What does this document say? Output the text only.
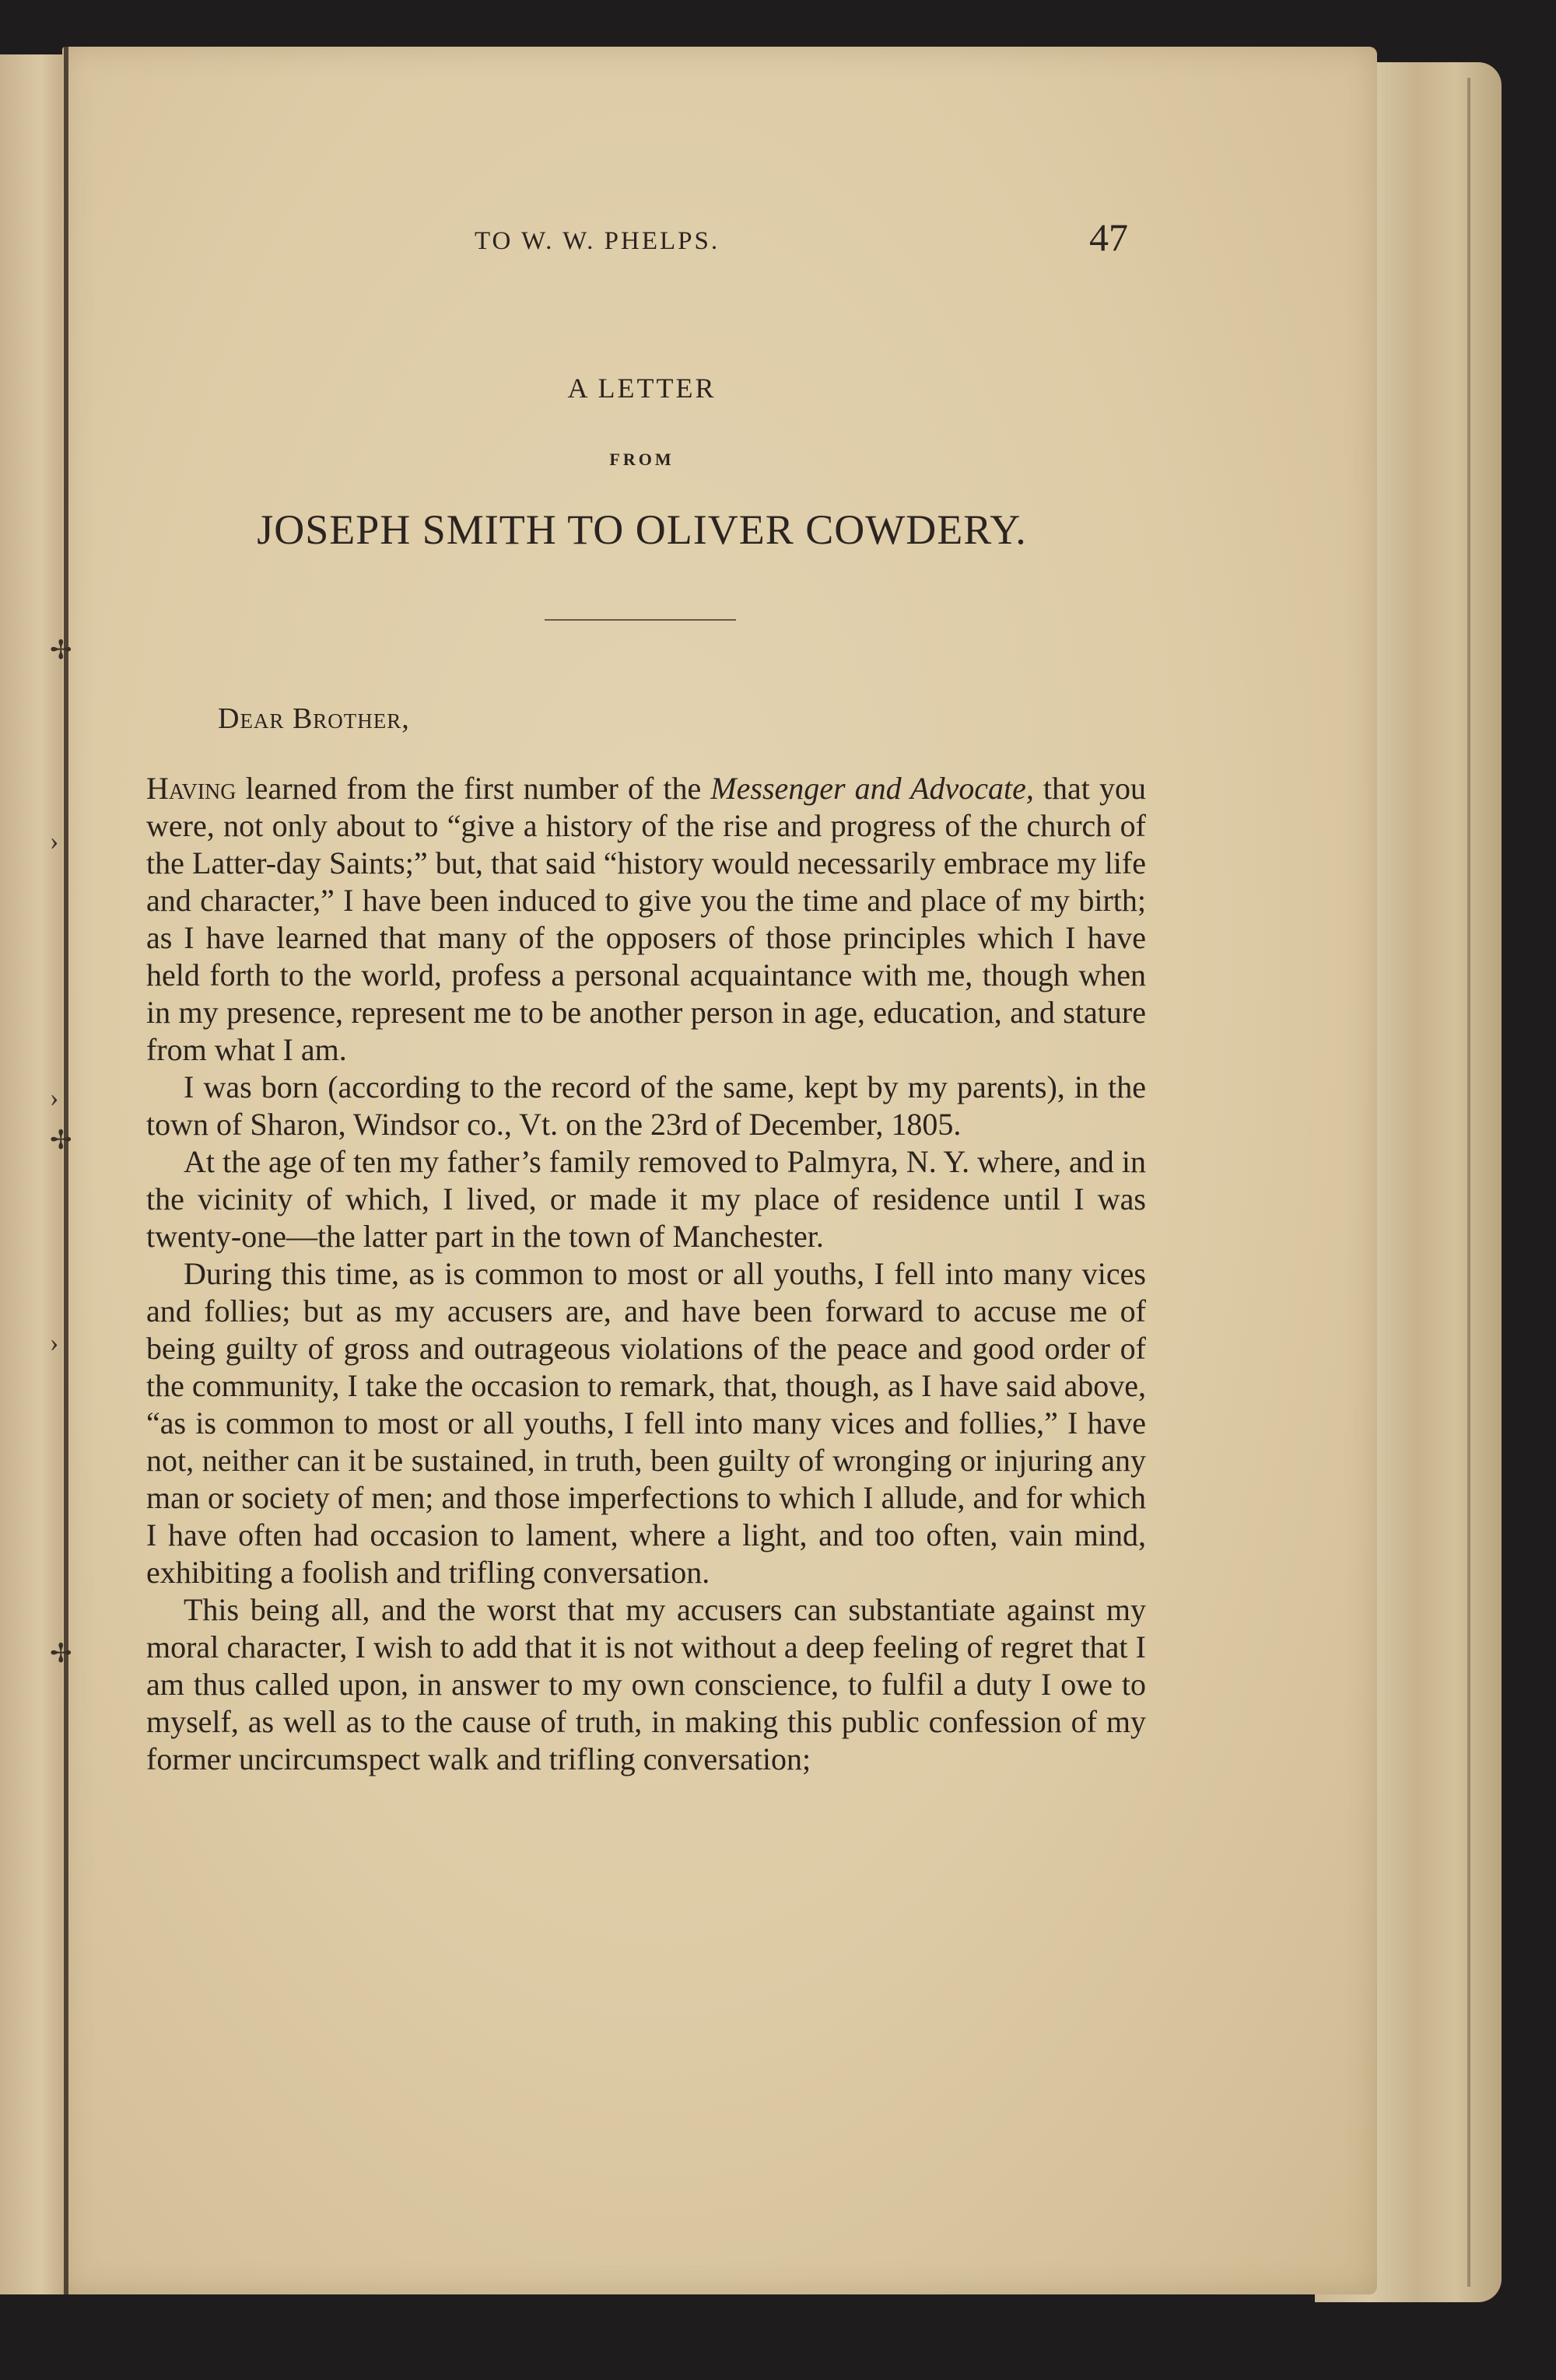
✢
›
›
✢
›
✢
TO W. W. PHELPS.	47
A LETTER
FROM
JOSEPH SMITH TO OLIVER COWDERY.
Dear Brother,

Having learned from the first number of the Messenger and Advocate, that you were, not only about to “give a history of the rise and progress of the church of the Latter-day Saints;” but, that said “history would necessarily embrace my life and character,” I have been induced to give you the time and place of my birth; as I have learned that many of the opposers of those principles which I have held forth to the world, profess a personal acquaintance with me, though when in my presence, represent me to be another person in age, education, and stature from what I am.

I was born (according to the record of the same, kept by my parents), in the town of Sharon, Windsor co., Vt. on the 23rd of December, 1805.

At the age of ten my father’s family removed to Palmyra, N. Y. where, and in the vicinity of which, I lived, or made it my place of residence until I was twenty-one—the latter part in the town of Manchester.

During this time, as is common to most or all youths, I fell into many vices and follies; but as my accusers are, and have been forward to accuse me of being guilty of gross and outrageous violations of the peace and good order of the community, I take the occasion to remark, that, though, as I have said above, “as is common to most or all youths, I fell into many vices and follies,” I have not, neither can it be sustained, in truth, been guilty of wronging or injuring any man or society of men; and those imperfections to which I allude, and for which I have often had occasion to lament, where a light, and too often, vain mind, exhibiting a foolish and trifling conversation.

This being all, and the worst that my accusers can substantiate against my moral character, I wish to add that it is not without a deep feeling of regret that I am thus called upon, in answer to my own conscience, to fulfil a duty I owe to myself, as well as to the cause of truth, in making this public confession of my former uncircumspect walk and trifling conversation;
